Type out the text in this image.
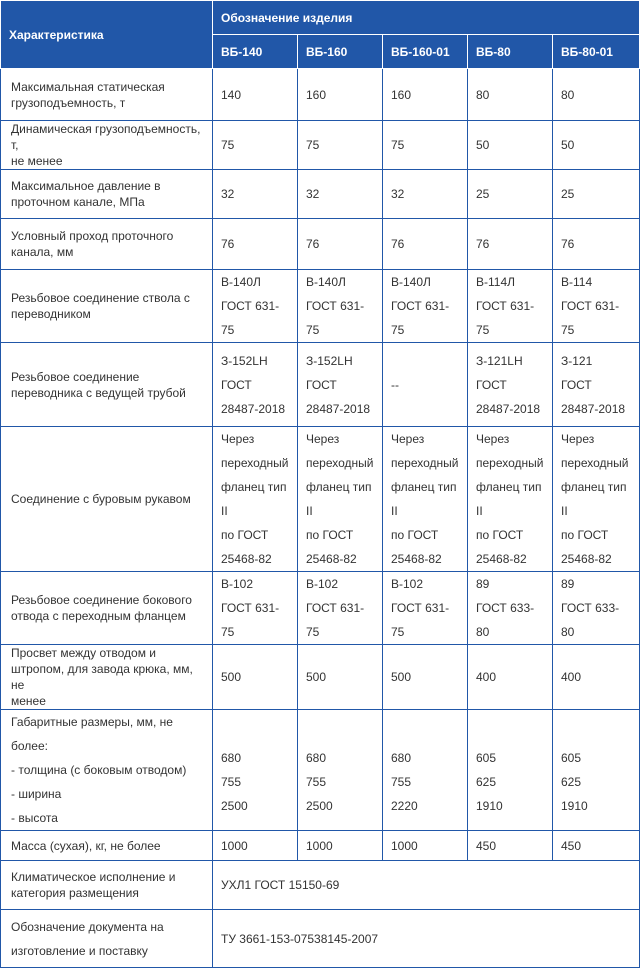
Характеристика	Обозначение изделия				
	ВБ-140	ВБ-160	ВБ-160-01	ВБ-80	ВБ-80-01

Максимальная статическая
грузоподъемность, т	140	160	160	80	80

Динамическая грузоподъемность, т,
не менее	75	75	75	50	50

Максимальное давление в
проточном канале, МПа	32	32	32	25	25

Условный проход проточного
канала, мм	76	76	76	76	76

Резьбовое соединение ствола с
переводником	В-140Л
ГОСТ 631-75	В-140Л
ГОСТ 631-75	В-140Л
ГОСТ 631-75	В-114Л
ГОСТ 631-75	В-114
ГОСТ 631-75

Резьбовое соединение
переводника с ведущей трубой	З-152LH
ГОСТ
28487-2018	З-152LH
ГОСТ
28487-2018	--	З-121LH
ГОСТ
28487-2018	З-121
ГОСТ
28487-2018

Соединение с буровым рукавом	Через
переходный
фланец тип II
по ГОСТ
25468-82	Через
переходный
фланец тип II
по ГОСТ
25468-82	Через
переходный
фланец тип II
по ГОСТ
25468-82	Через
переходный
фланец тип II
по ГОСТ
25468-82	Через
переходный
фланец тип II
по ГОСТ
25468-82

Резьбовое соединение бокового
отвода с переходным фланцем	В-102
ГОСТ 631-75	В-102
ГОСТ 631-75	В-102
ГОСТ 631-75	89
ГОСТ 633-80	89
ГОСТ 633-80

Просвет между отводом и
штропом, для завода крюка, мм, не
менее	500	500	500	400	400

Габаритные размеры, мм, не более:
- толщина (с боковым отводом)
- ширина
- высота	680
755
2500	680
755
2500	680
755
2220	605
625
1910	605
625
1910

Масса (сухая), кг, не более	1000	1000	1000	450	450

Климатическое исполнение и
категория размещения	УХЛ1 ГОСТ 15150-69				

Обозначение документа на
изготовление и поставку	ТУ 3661-153-07538145-2007				
